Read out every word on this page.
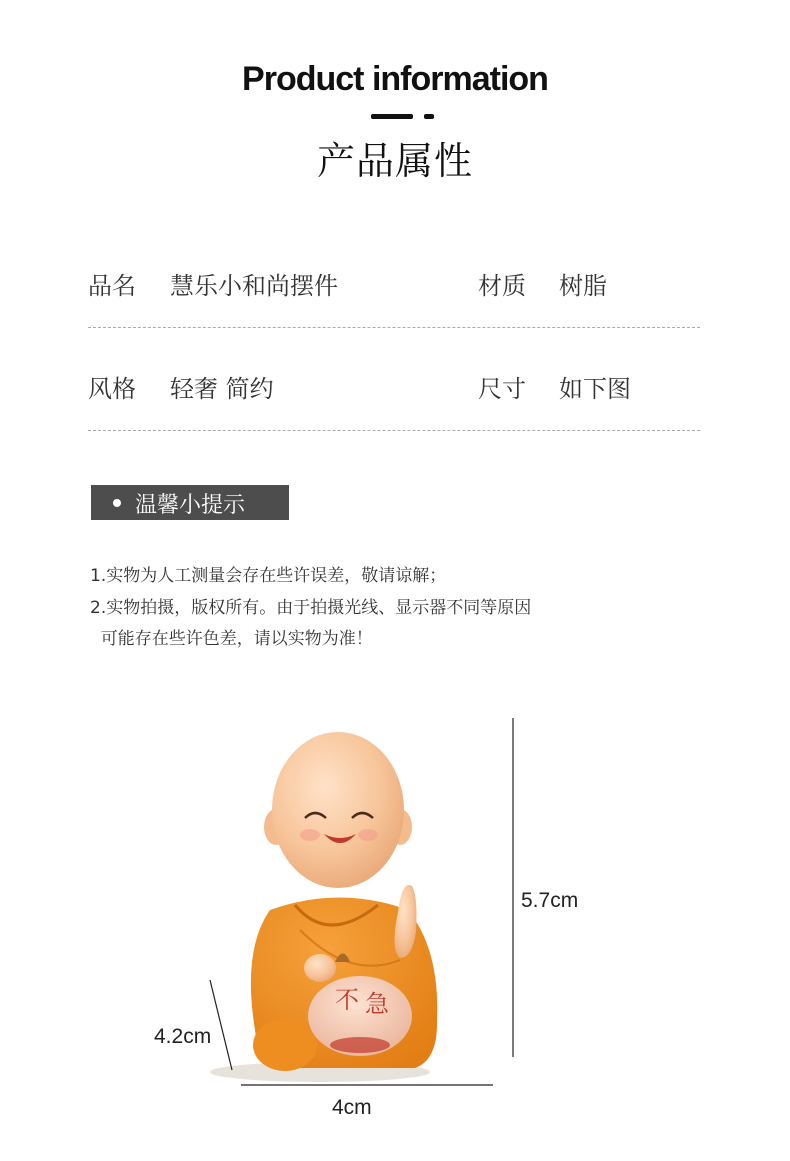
Product information
产品属性
品名 慧乐小和尚摆件	材质 树脂
风格 轻奢 简约	尺寸 如下图
温馨小提示
1.实物为人工测量会存在些许误差，敬请谅解；
2.实物拍摄，版权所有。由于拍摄光线、显示器不同等原因
可能存在些许色差，请以实物为准！
不 急
5.7cm
4.2cm
4cm
